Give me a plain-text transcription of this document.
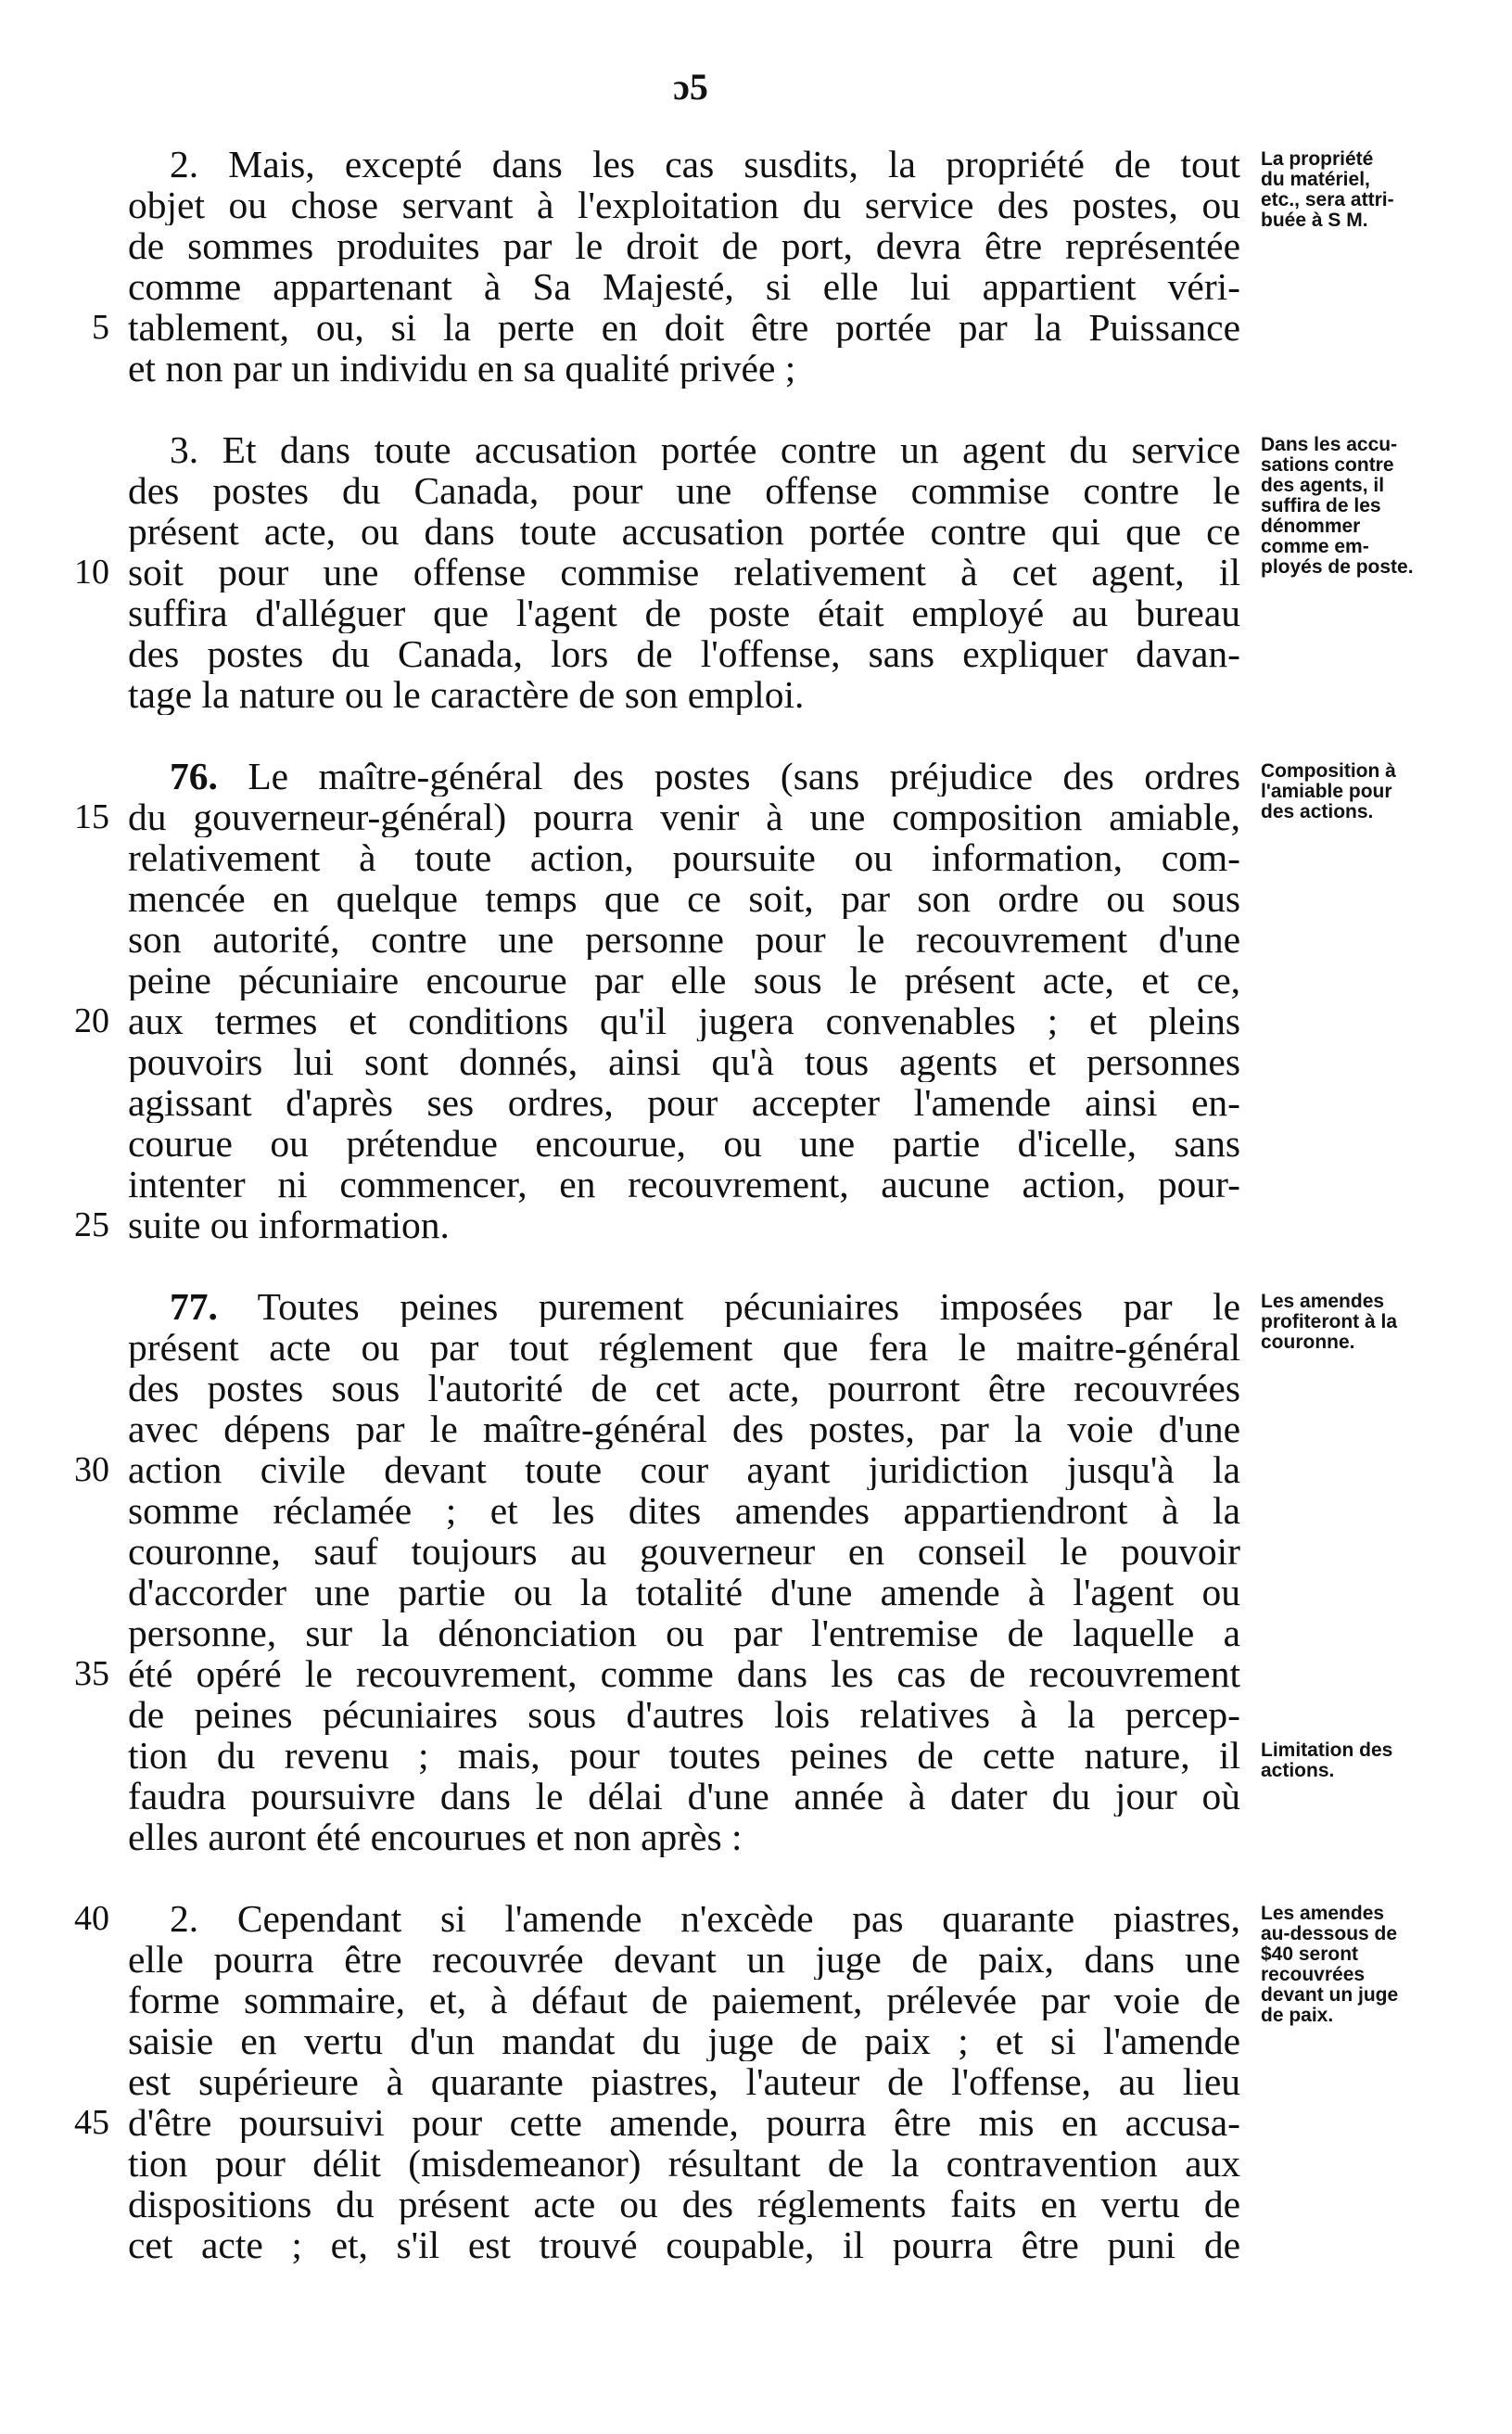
ɔ5
2. Mais, excepté dans les cas susdits, la propriété de tout
objet ou chose servant à l'exploitation du service des postes, ou
de sommes produites par le droit de port, devra être représentée
comme appartenant à Sa Majesté, si elle lui appartient véri-
5 tablement, ou, si la perte en doit être portée par la Puissance
et non par un individu en sa qualité privée ;
3. Et dans toute accusation portée contre un agent du service
des postes du Canada, pour une offense commise contre le
présent acte, ou dans toute accusation portée contre qui que ce
10 soit pour une offense commise relativement à cet agent, il
suffira d'alléguer que l'agent de poste était employé au bureau
des postes du Canada, lors de l'offense, sans expliquer davan-
tage la nature ou le caractère de son emploi.
76. Le maître-général des postes (sans préjudice des ordres
15 du gouverneur-général) pourra venir à une composition amiable,
relativement à toute action, poursuite ou information, com-
mencée en quelque temps que ce soit, par son ordre ou sous
son autorité, contre une personne pour le recouvrement d'une
peine pécuniaire encourue par elle sous le présent acte, et ce,
20 aux termes et conditions qu'il jugera convenables ; et pleins
pouvoirs lui sont donnés, ainsi qu'à tous agents et personnes
agissant d'après ses ordres, pour accepter l'amende ainsi en-
courue ou prétendue encourue, ou une partie d'icelle, sans
intenter ni commencer, en recouvrement, aucune action, pour-
25 suite ou information.
77. Toutes peines purement pécuniaires imposées par le
présent acte ou par tout réglement que fera le maitre-général
des postes sous l'autorité de cet acte, pourront être recouvrées
avec dépens par le maître-général des postes, par la voie d'une
30 action civile devant toute cour ayant juridiction jusqu'à la
somme réclamée ; et les dites amendes appartiendront à la
couronne, sauf toujours au gouverneur en conseil le pouvoir
d'accorder une partie ou la totalité d'une amende à l'agent ou
personne, sur la dénonciation ou par l'entremise de laquelle a
35 été opéré le recouvrement, comme dans les cas de recouvrement
de peines pécuniaires sous d'autres lois relatives à la percep-
tion du revenu ; mais, pour toutes peines de cette nature, il
faudra poursuivre dans le délai d'une année à dater du jour où
elles auront été encourues et non après :
40 2. Cependant si l'amende n'excède pas quarante piastres,
elle pourra être recouvrée devant un juge de paix, dans une
forme sommaire, et, à défaut de paiement, prélevée par voie de
saisie en vertu d'un mandat du juge de paix ; et si l'amende
est supérieure à quarante piastres, l'auteur de l'offense, au lieu
45 d'être poursuivi pour cette amende, pourra être mis en accusa-
tion pour délit (misdemeanor) résultant de la contravention aux
dispositions du présent acte ou des réglements faits en vertu de
cet acte ; et, s'il est trouvé coupable, il pourra être puni de
La propriété
du matériel,
etc., sera attri-
buée à S M.
Dans les accu-
sations contre
des agents, il
suffira de les
dénommer
comme em-
ployés de poste.
Composition à
l'amiable pour
des actions.
Les amendes
profiteront à la
couronne.
Limitation des
actions.
Les amendes
au-dessous de
$40 seront
recouvrées
devant un juge
de paix.
